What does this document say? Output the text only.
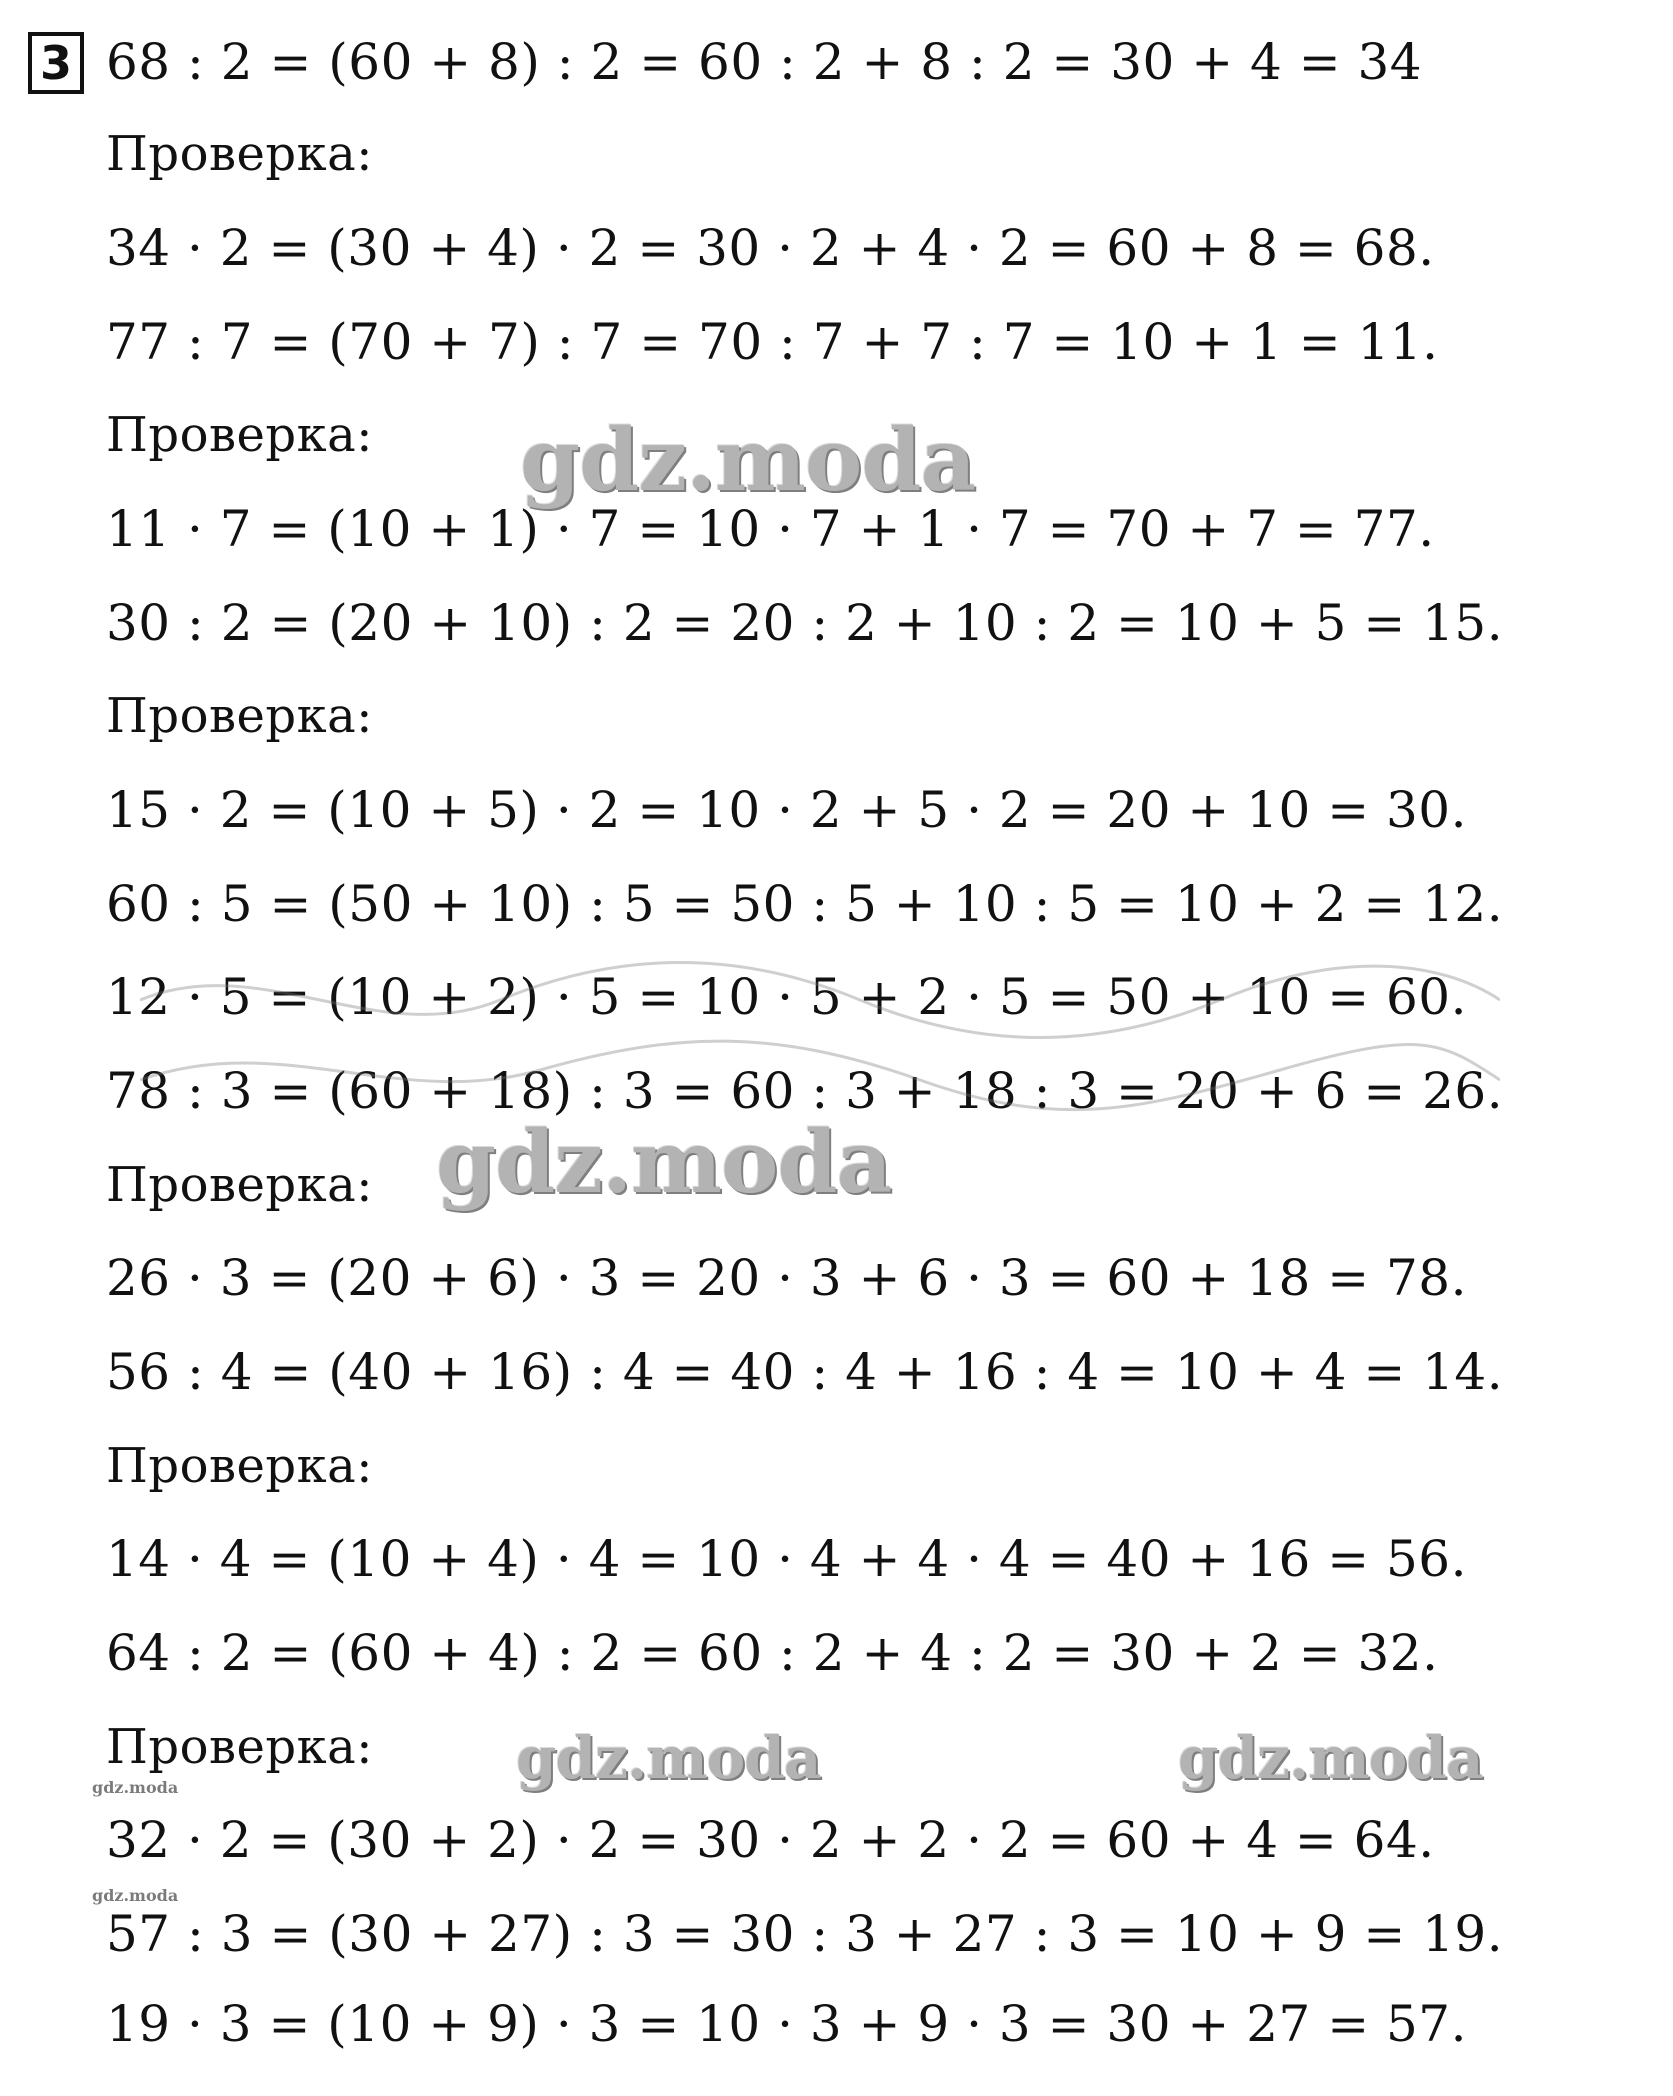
3 68 : 2 = (60 + 8) : 2 = 60 : 2 + 8 : 2 = 30 + 4 = 34
Проверка:
34 · 2 = (30 + 4) · 2 = 30 · 2 + 4 · 2 = 60 + 8 = 68.
77 : 7 = (70 + 7) : 7 = 70 : 7 + 7 : 7 = 10 + 1 = 11.
Проверка:
11 · 7 = (10 + 1) · 7 = 10 · 7 + 1 · 7 = 70 + 7 = 77.
30 : 2 = (20 + 10) : 2 = 20 : 2 + 10 : 2 = 10 + 5 = 15.
Проверка:
15 · 2 = (10 + 5) · 2 = 10 · 2 + 5 · 2 = 20 + 10 = 30.
60 : 5 = (50 + 10) : 5 = 50 : 5 + 10 : 5 = 10 + 2 = 12.
12 · 5 = (10 + 2) · 5 = 10 · 5 + 2 · 5 = 50 + 10 = 60.
78 : 3 = (60 + 18) : 3 = 60 : 3 + 18 : 3 = 20 + 6 = 26.
Проверка:
26 · 3 = (20 + 6) · 3 = 20 · 3 + 6 · 3 = 60 + 18 = 78.
56 : 4 = (40 + 16) : 4 = 40 : 4 + 16 : 4 = 10 + 4 = 14.
Проверка:
14 · 4 = (10 + 4) · 4 = 10 · 4 + 4 · 4 = 40 + 16 = 56.
64 : 2 = (60 + 4) : 2 = 60 : 2 + 4 : 2 = 30 + 2 = 32.
Проверка:
32 · 2 = (30 + 2) · 2 = 30 · 2 + 2 · 2 = 60 + 4 = 64.
57 : 3 = (30 + 27) : 3 = 30 : 3 + 27 : 3 = 10 + 9 = 19.
19 · 3 = (10 + 9) · 3 = 10 · 3 + 9 · 3 = 30 + 27 = 57.
gdz.moda
gdz.moda
gdz.moda	gdz.moda
gdz.moda
gdz.moda
